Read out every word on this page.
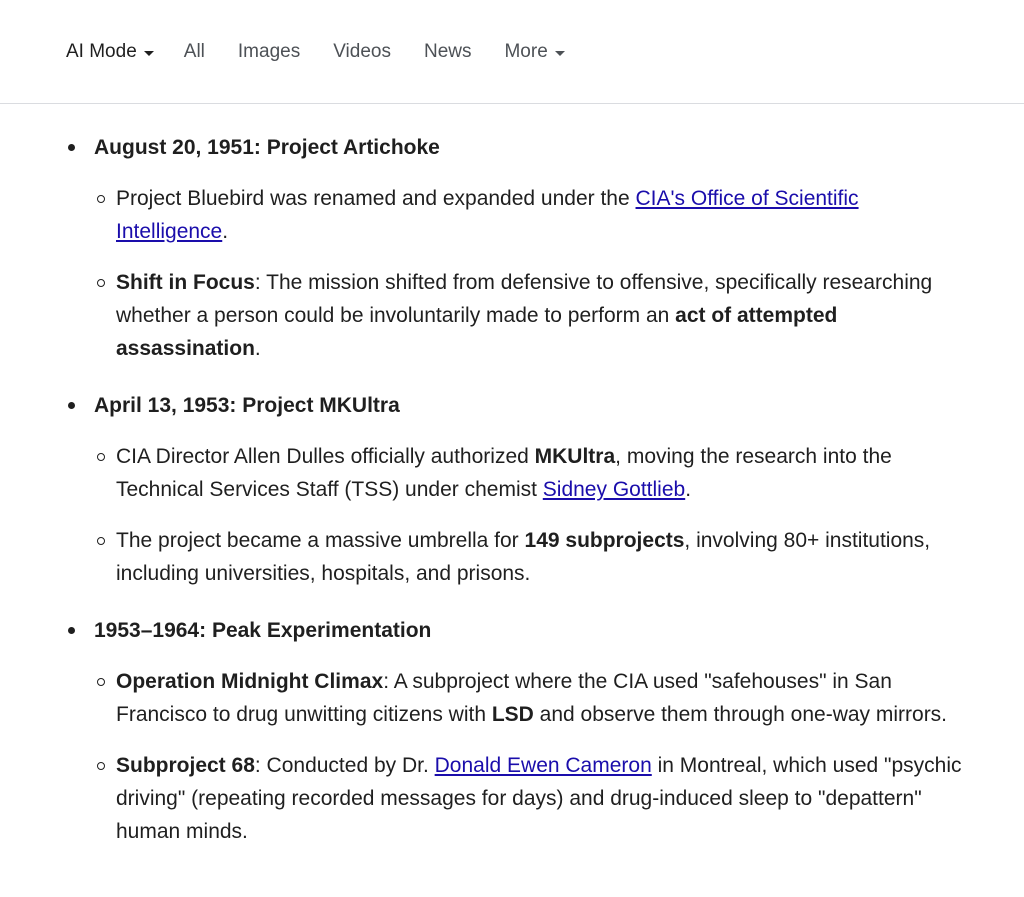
AI Mode All Images Videos News More
August 20, 1951: Project Artichoke
Project Bluebird was renamed and expanded under the CIA's Office of Scientific Intelligence.
Shift in Focus: The mission shifted from defensive to offensive, specifically researching whether a person could be involuntarily made to perform an act of attempted assassination.
April 13, 1953: Project MKUltra
CIA Director Allen Dulles officially authorized MKUltra, moving the research into the Technical Services Staff (TSS) under chemist Sidney Gottlieb.
The project became a massive umbrella for 149 subprojects, involving 80+ institutions, including universities, hospitals, and prisons.
1953–1964: Peak Experimentation
Operation Midnight Climax: A subproject where the CIA used "safehouses" in San Francisco to drug unwitting citizens with LSD and observe them through one-way mirrors.
Subproject 68: Conducted by Dr. Donald Ewen Cameron in Montreal, which used "psychic driving" (repeating recorded messages for days) and drug-induced sleep to "depattern" human minds.
